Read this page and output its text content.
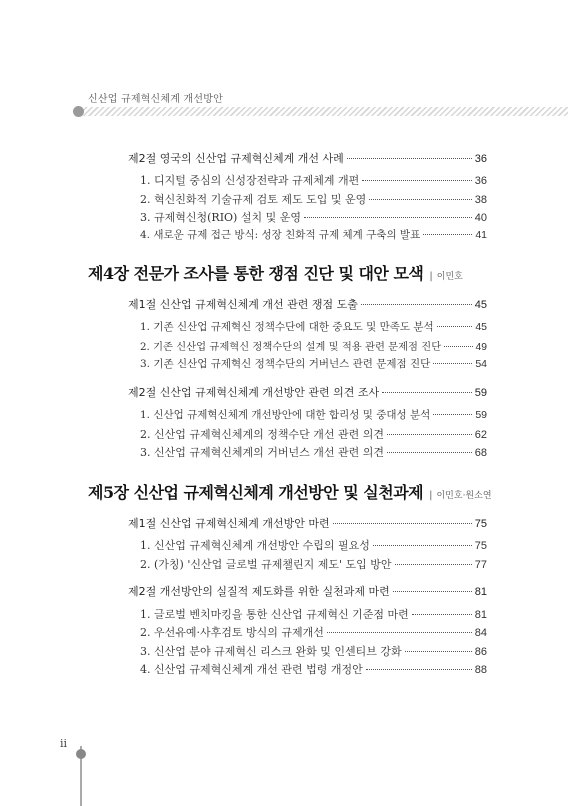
신산업 규제혁신체계 개선방안
제2절 영국의 신산업 규제혁신체계 개선 사례	36
1. 디지털 중심의 신성장전략과 규제체계 개편	36
2. 혁신친화적 기술규제 검토 제도 도입 및 운영	38
3. 규제혁신청(RIO) 설치 및 운영	40
4. 새로운 규제 접근 방식: 성장 친화적 규제 체계 구축의 발표	41
제4장 전문가 조사를 통한 쟁점 진단 및 대안 모색 | 이민호
제1절 신산업 규제혁신체계 개선 관련 쟁점 도출	45
1. 기존 신산업 규제혁신 정책수단에 대한 중요도 및 만족도 분석	45
2. 기존 신산업 규제혁신 정책수단의 설계 및 적용 관련 문제점 진단	49
3. 기존 신산업 규제혁신 정책수단의 거버넌스 관련 문제점 진단	54
제2절 신산업 규제혁신체계 개선방안 관련 의견 조사	59
1. 신산업 규제혁신체계 개선방안에 대한 합리성 및 중대성 분석	59
2. 신산업 규제혁신체계의 정책수단 개선 관련 의견	62
3. 신산업 규제혁신체계의 거버넌스 개선 관련 의견	68
제5장 신산업 규제혁신체계 개선방안 및 실천과제 | 이민호·원소연
제1절 신산업 규제혁신체계 개선방안 마련	75
1. 신산업 규제혁신체계 개선방안 수립의 필요성	75
2. (가칭) '신산업 글로벌 규제챌린지 제도' 도입 방안	77
제2절 개선방안의 실질적 제도화를 위한 실천과제 마련	81
1. 글로벌 벤치마킹을 통한 신산업 규제혁신 기준점 마련	81
2. 우선유예·사후검토 방식의 규제개선	84
3. 신산업 분야 규제혁신 리스크 완화 및 인센티브 강화	86
4. 신산업 규제혁신체계 개선 관련 법령 개정안	88
ii
